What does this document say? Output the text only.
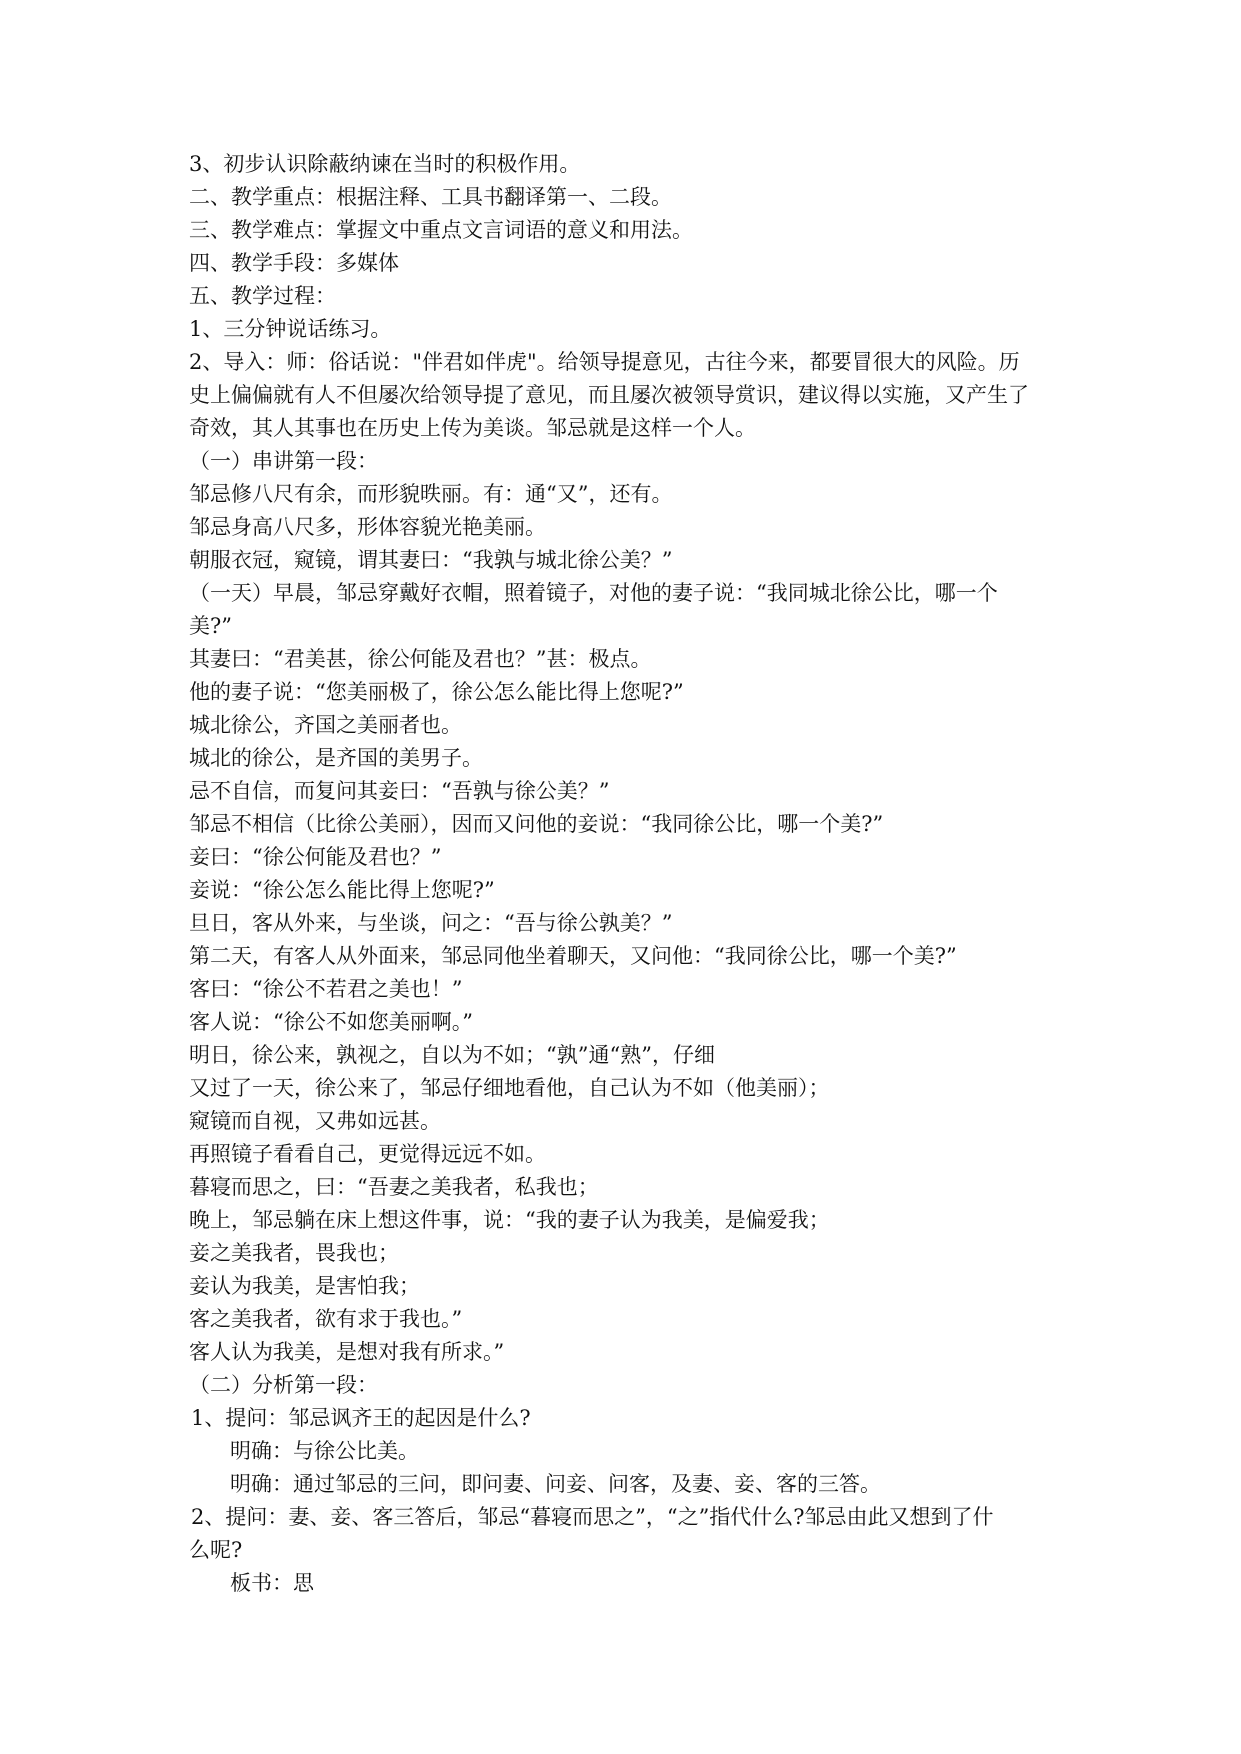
3、初步认识除蔽纳谏在当时的积极作用。
二、教学重点：根据注释、工具书翻译第一、二段。
三、教学难点：掌握文中重点文言词语的意义和用法。
四、教学手段：多媒体
五、教学过程：
1、三分钟说话练习。
2、导入：师：俗话说："伴君如伴虎"。给领导提意见，古往今来，都要冒很大的风险。历
史上偏偏就有人不但屡次给领导提了意见，而且屡次被领导赏识，建议得以实施，又产生了
奇效，其人其事也在历史上传为美谈。邹忌就是这样一个人。
（一）串讲第一段：
邹忌修八尺有余，而形貌昳丽。有：通“又”，还有。
邹忌身高八尺多，形体容貌光艳美丽。
朝服衣冠，窥镜，谓其妻曰：“我孰与城北徐公美？”
（一天）早晨，邹忌穿戴好衣帽，照着镜子，对他的妻子说：“我同城北徐公比，哪一个
美?”
其妻曰：“君美甚，徐公何能及君也？”甚：极点。
他的妻子说：“您美丽极了，徐公怎么能比得上您呢?”
城北徐公，齐国之美丽者也。
城北的徐公，是齐国的美男子。
忌不自信，而复问其妾曰：“吾孰与徐公美？”
邹忌不相信（比徐公美丽），因而又问他的妾说：“我同徐公比，哪一个美?”
妾曰：“徐公何能及君也？”
妾说：“徐公怎么能比得上您呢?”
旦日，客从外来，与坐谈，问之：“吾与徐公孰美？”
第二天，有客人从外面来，邹忌同他坐着聊天，又问他：“我同徐公比，哪一个美?”
客曰：“徐公不若君之美也！”
客人说：“徐公不如您美丽啊。”
明日，徐公来，孰视之，自以为不如；“孰”通“熟”，仔细
又过了一天，徐公来了，邹忌仔细地看他，自己认为不如（他美丽）；
窥镜而自视，又弗如远甚。
再照镜子看看自己，更觉得远远不如。
暮寝而思之，曰：“吾妻之美我者，私我也；
晚上，邹忌躺在床上想这件事，说：“我的妻子认为我美，是偏爱我；
妾之美我者，畏我也；
妾认为我美，是害怕我；
客之美我者，欲有求于我也。”
客人认为我美，是想对我有所求。”
（二）分析第一段：
1、提问：邹忌讽齐王的起因是什么?
明确：与徐公比美。
明确：通过邹忌的三问，即问妻、问妾、问客，及妻、妾、客的三答。
2、提问：妻、妾、客三答后，邹忌“暮寝而思之”，“之”指代什么?邹忌由此又想到了什
么呢?
板书：思
